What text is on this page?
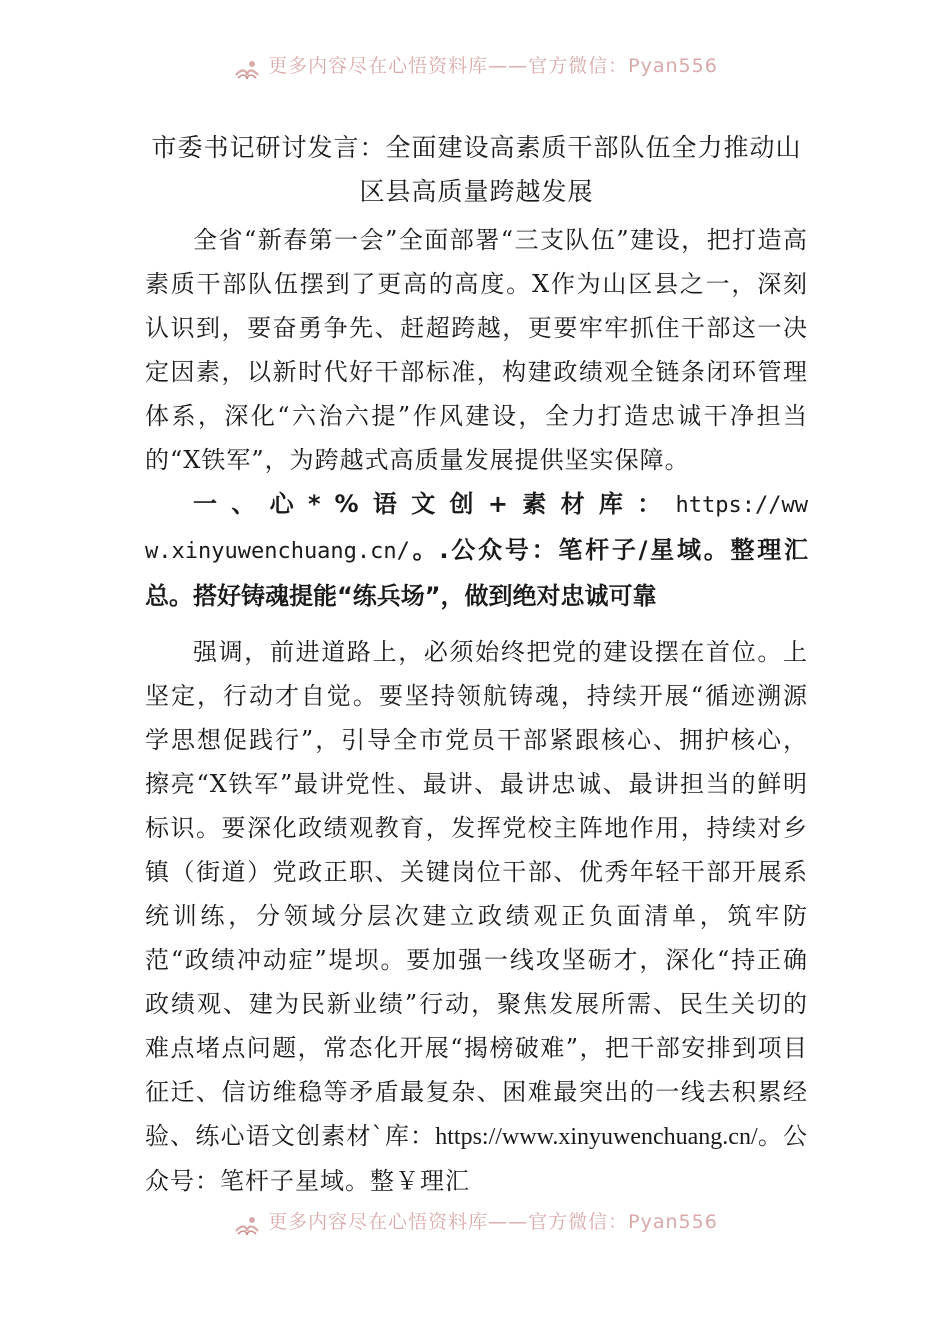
更多内容尽在心悟资料库——官方微信：Pyan556
市委书记研讨发言：全面建设高素质干部队伍全力推动山区县高质量跨越发展

全省“新春第一会”全面部署“三支队伍”建设，把打造高素质干部队伍摆到了更高的高度。X作为山区县之一，深刻认识到，要奋勇争先、赶超跨越，更要牢牢抓住干部这一决定因素，以新时代好干部标准，构建政绩观全链条闭环管理体系，深化“六治六提”作风建设，全力打造忠诚干净担当的“X铁军”，为跨越式高质量发展提供坚实保障。

一、心*%语文创+素材库：https://www.xinyuwenchuang.cn/。.公众号：笔杆子/星域。整理汇总。搭好铸魂提能“练兵场”，做到绝对忠诚可靠

强调，前进道路上，必须始终把党的建设摆在首位。上坚定，行动才自觉。要坚持领航铸魂，持续开展“循迹溯源学思想促践行”，引导全市党员干部紧跟核心、拥护核心，擦亮“X铁军”最讲党性、最讲、最讲忠诚、最讲担当的鲜明标识。要深化政绩观教育，发挥党校主阵地作用，持续对乡镇（街道）党政正职、关键岗位干部、优秀年轻干部开展系统训练，分领域分层次建立政绩观正负面清单，筑牢防范“政绩冲动症”堤坝。要加强一线攻坚砺才，深化“持正确政绩观、建为民新业绩”行动，聚焦发展所需、民生关切的难点堵点问题，常态化开展“揭榜破难”，把干部安排到项目征迁、信访维稳等矛盾最复杂、困难最突出的一线去积累经验、练心语文创素材`库：https://www.xinyuwenchuang.cn/。公众号：笔杆子星域。整￥理汇

更多内容尽在心悟资料库——官方微信：Pyan556
